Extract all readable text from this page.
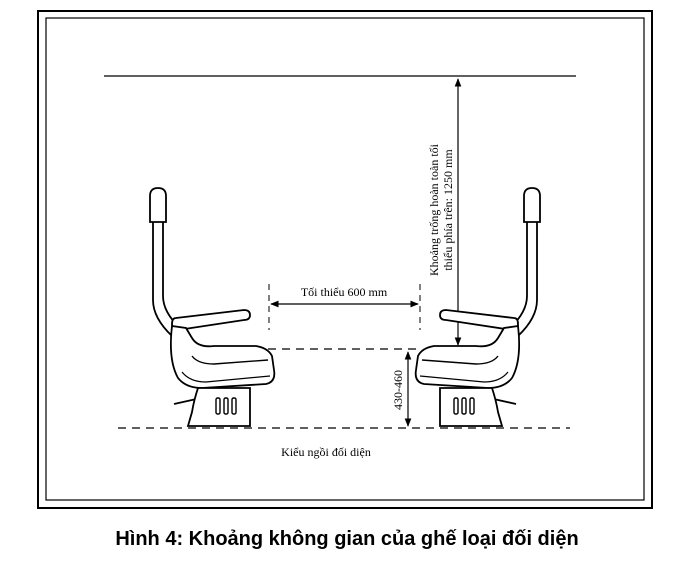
Tối thiểu 600 mm
Khoảng trống hoàn toàn tối thiểu phía trên: 1250 mm
430-460
Kiểu ngồi đối diện
Hình 4: Khoảng không gian của ghế loại đối diện
